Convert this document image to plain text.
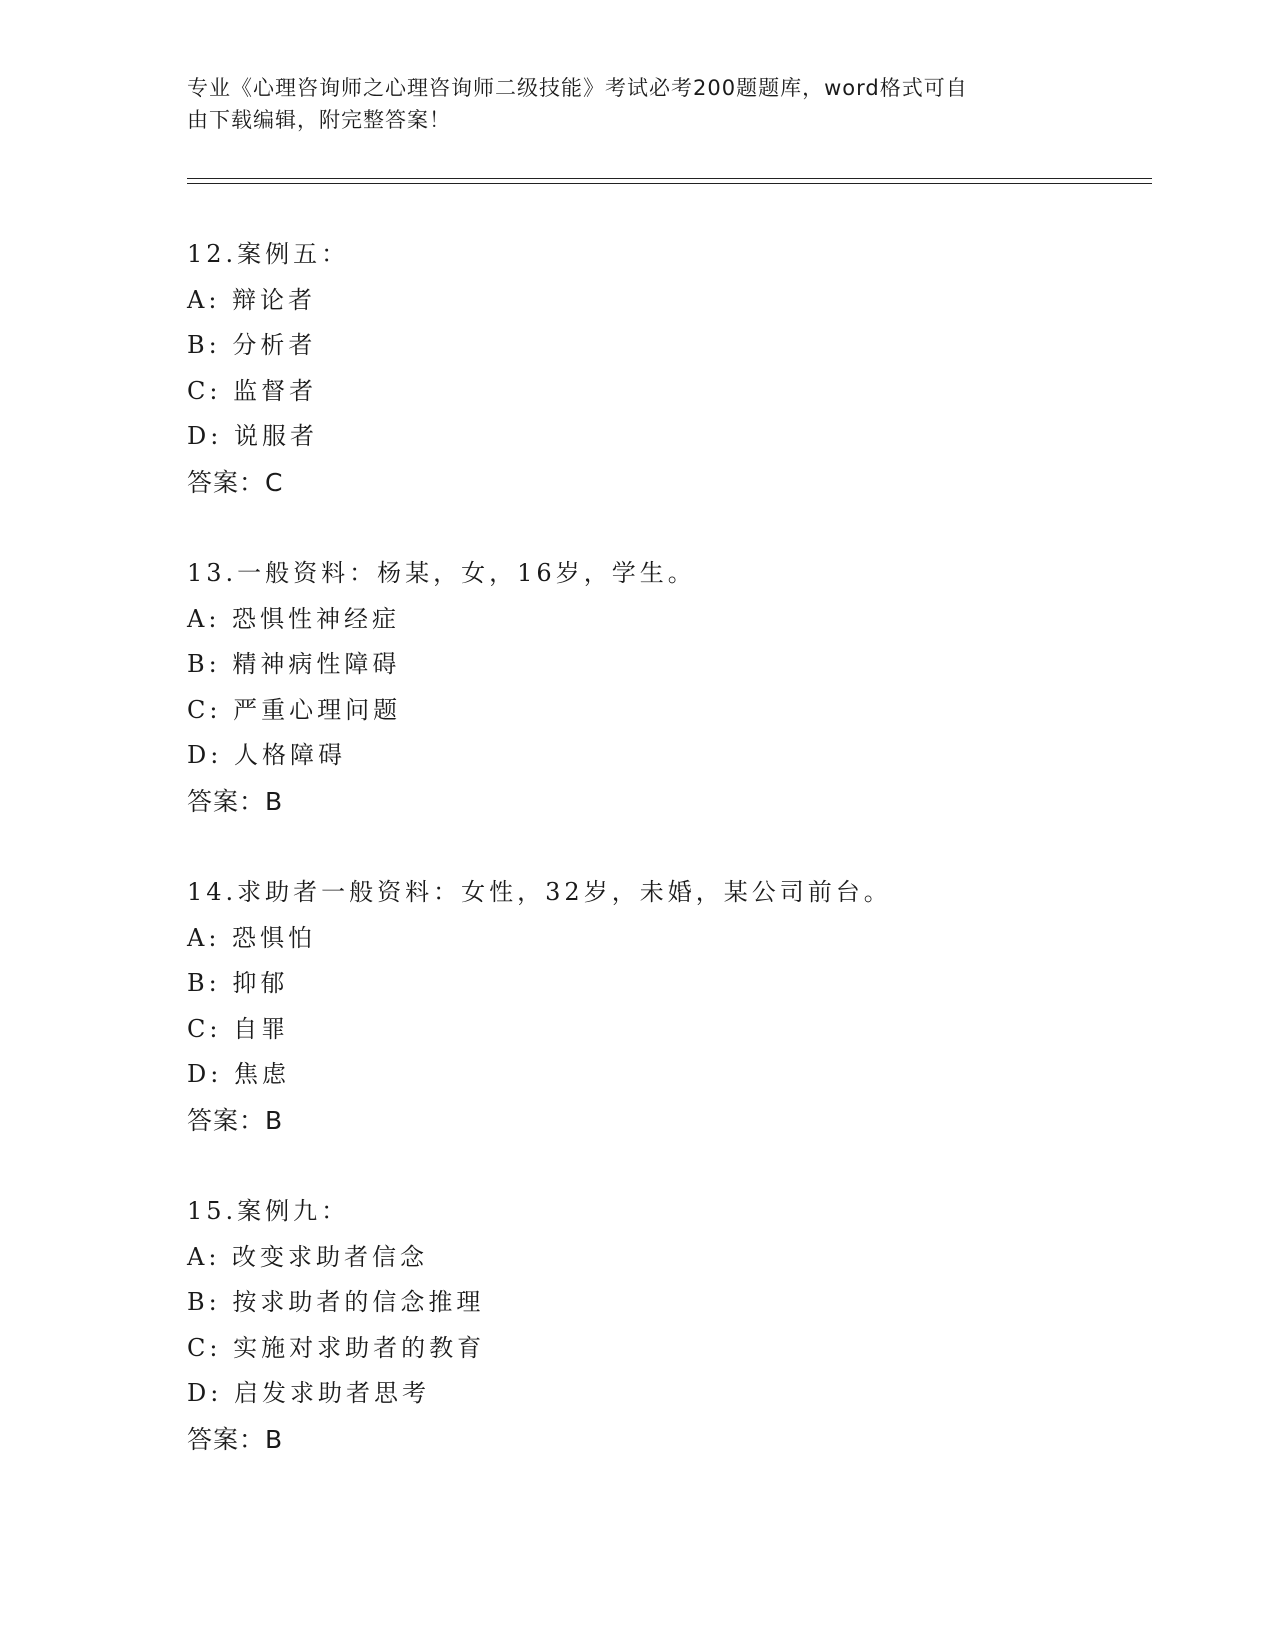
专业《心理咨询师之心理咨询师二级技能》考试必考200题题库，word格式可自
由下载编辑，附完整答案！
12.案例五：
A: 辩论者
B: 分析者
C: 监督者
D: 说服者
答案：C
13.一般资料：杨某，女，16岁，学生。
A: 恐惧性神经症
B: 精神病性障碍
C: 严重心理问题
D: 人格障碍
答案：B
14.求助者一般资料：女性，32岁，未婚，某公司前台。
A: 恐惧怕
B: 抑郁
C: 自罪
D: 焦虑
答案：B
15.案例九：
A: 改变求助者信念
B: 按求助者的信念推理
C: 实施对求助者的教育
D: 启发求助者思考
答案：B
